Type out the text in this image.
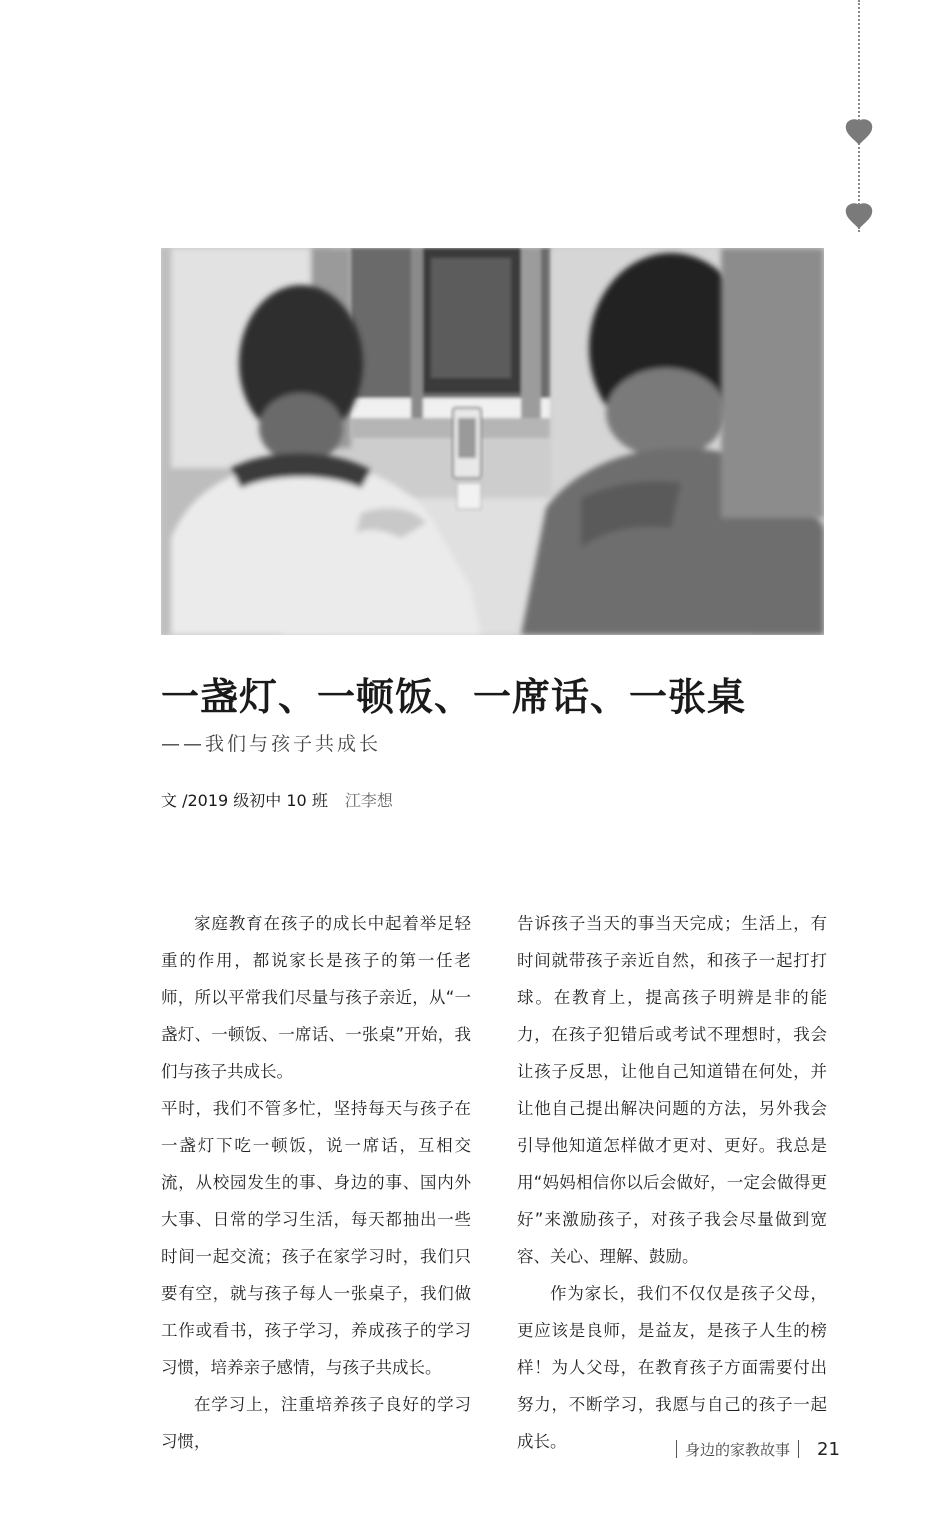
一盏灯、一顿饭、一席话、一张桌
——我们与孩子共成长
文 /2019 级初中 10 班 江李想

家庭教育在孩子的成长中起着举足轻重的作用，都说家长是孩子的第一任老师，所以平常我们尽量与孩子亲近，从“一盏灯、一顿饭、一席话、一张桌”开始，我们与孩子共成长。

平时，我们不管多忙，坚持每天与孩子在一盏灯下吃一顿饭，说一席话，互相交流，从校园发生的事、身边的事、国内外大事、日常的学习生活，每天都抽出一些时间一起交流；孩子在家学习时，我们只要有空，就与孩子每人一张桌子，我们做工作或看书，孩子学习，养成孩子的学习习惯，培养亲子感情，与孩子共成长。

在学习上，注重培养孩子良好的学习习惯，

告诉孩子当天的事当天完成；生活上，有时间就带孩子亲近自然，和孩子一起打打球。在教育上，提高孩子明辨是非的能力，在孩子犯错后或考试不理想时，我会让孩子反思，让他自己知道错在何处，并让他自己提出解决问题的方法，另外我会引导他知道怎样做才更对、更好。我总是用“妈妈相信你以后会做好，一定会做得更好”来激励孩子，对孩子我会尽量做到宽容、关心、理解、鼓励。

作为家长，我们不仅仅是孩子父母，更应该是良师，是益友，是孩子人生的榜样！为人父母，在教育孩子方面需要付出努力，不断学习，我愿与自己的孩子一起成长。	身边的家教故事 21
